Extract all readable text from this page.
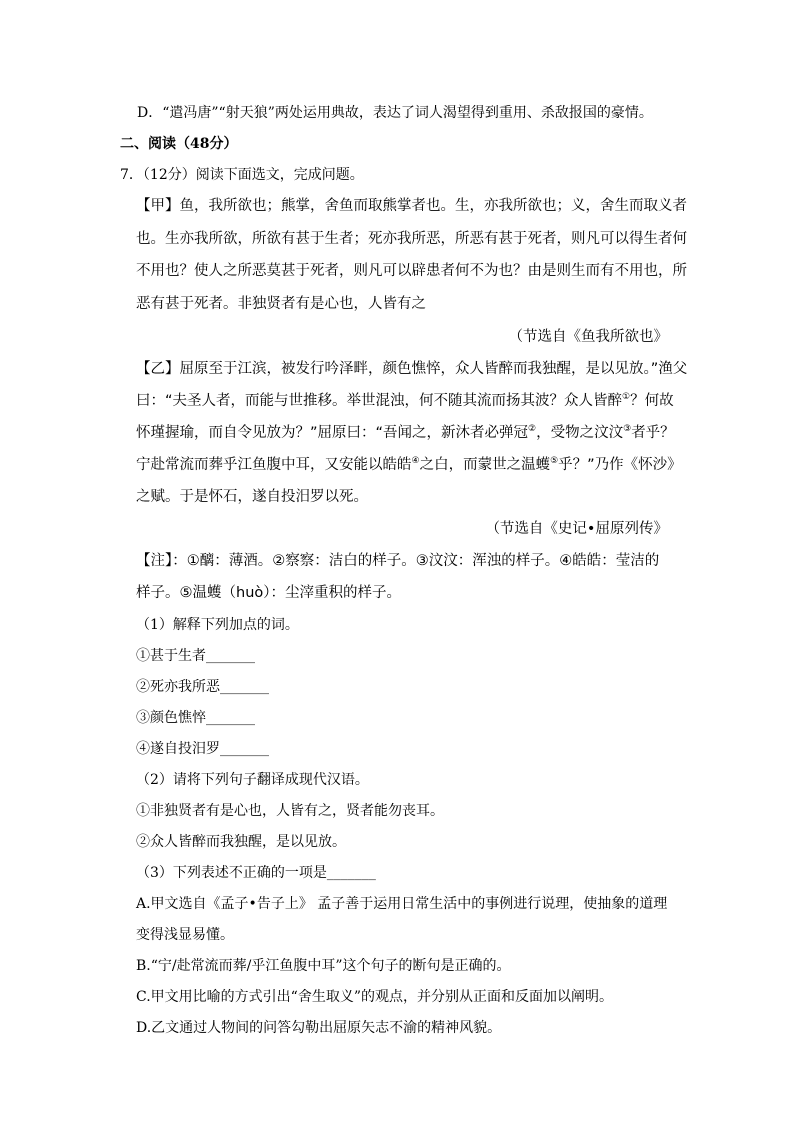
D．“遣冯唐”“射天狼”两处运用典故，表达了词人渴望得到重用、杀敌报国的豪情。
二、阅读（48分）
7．（12分）阅读下面选文，完成问题。
【甲】鱼，我所欲也；熊掌，舍鱼而取熊掌者也。生，亦我所欲也；义，舍生而取义者
也。生亦我所欲，所欲有甚于生者；死亦我所恶，所恶有甚于死者，则凡可以得生者何
不用也？使人之所恶莫甚于死者，则凡可以辟患者何不为也？由是则生而有不用也，所
恶有甚于死者。非独贤者有是心也，人皆有之
（节选自《鱼我所欲也》
【乙】屈原至于江滨，被发行吟泽畔，颜色憔悴，众人皆醉而我独醒，是以见放。”渔父
曰：“夫圣人者，而能与世推移。举世混浊，何不随其流而扬其波？众人皆醉①？何故
怀瑾握瑜，而自令见放为？”屈原曰：“吾闻之，新沐者必弹冠②，受物之汶汶③者乎？
宁赴常流而葬乎江鱼腹中耳，又安能以皓皓④之白，而蒙世之温蠖⑤乎？”乃作《怀沙》
之赋。于是怀石，遂自投汨罗以死。
（节选自《史记•屈原列传》
【注】：①醨：薄酒。②察察：洁白的样子。③汶汶：浑浊的样子。④皓皓：莹洁的
样子。⑤温蠖（huò）：尘滓重积的样子。
（1）解释下列加点的词。
①甚于生者_______
②死亦我所恶_______
③颜色憔悴_______
④遂自投汨罗_______
（2）请将下列句子翻译成现代汉语。
①非独贤者有是心也，人皆有之，贤者能勿丧耳。
②众人皆醉而我独醒，是以见放。
（3）下列表述不正确的一项是_______
A.甲文选自《孟子•告子上》 孟子善于运用日常生活中的事例进行说理，使抽象的道理
变得浅显易懂。
B.“宁/赴常流而葬/乎江鱼腹中耳”这个句子的断句是正确的。
C.甲文用比喻的方式引出“舍生取义”的观点，并分别从正面和反面加以阐明。
D.乙文通过人物间的问答勾勒出屈原矢志不渝的精神风貌。
